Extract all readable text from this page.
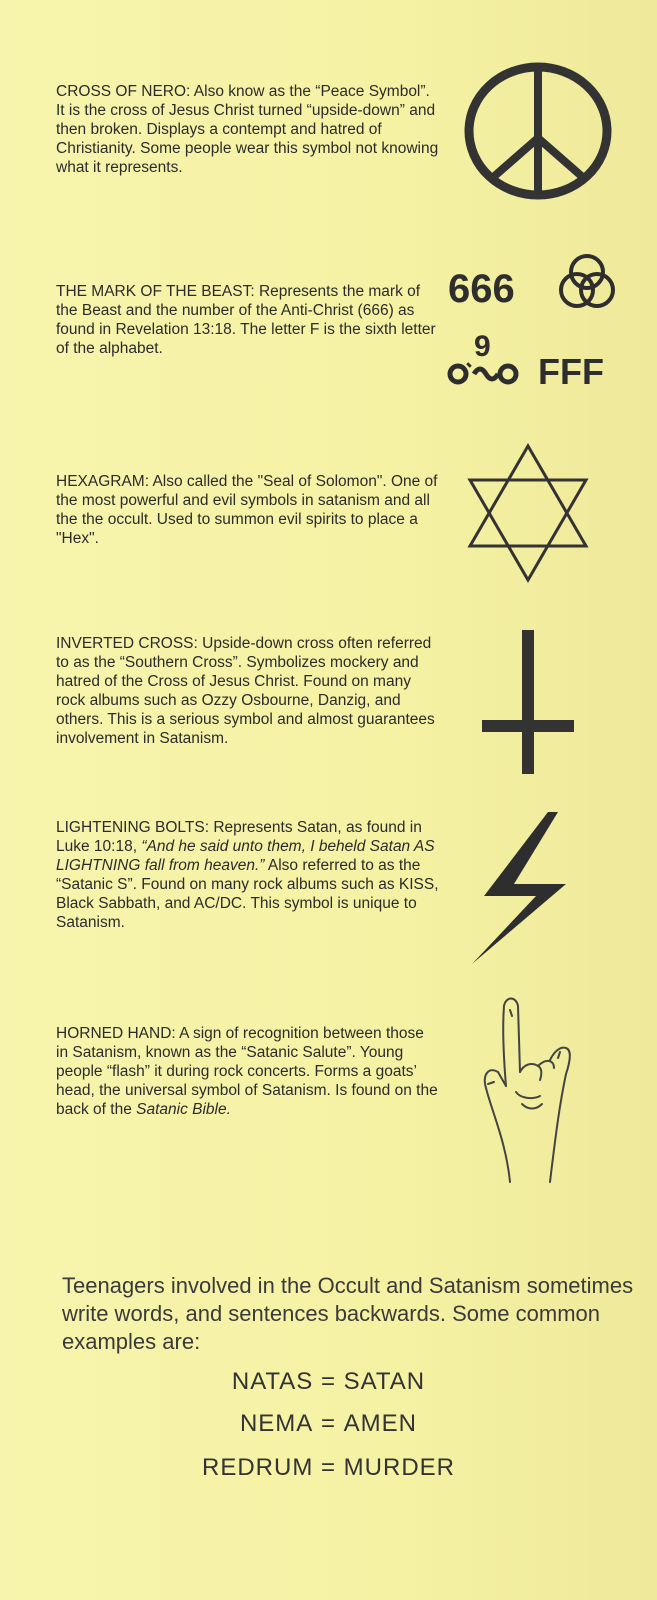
CROSS OF NERO: Also know as the “Peace Symbol”. It is the cross of Jesus Christ turned “upside-down” and then broken. Displays a contempt and hatred of Christianity. Some people wear this symbol not knowing what it represents.

THE MARK OF THE BEAST: Represents the mark of the Beast and the number of the Anti-Christ (666) as found in Revelation 13:18. The letter F is the sixth letter of the alphabet.

666
9
FFF

HEXAGRAM: Also called the "Seal of Solomon". One of the most powerful and evil symbols in satanism and all the the occult. Used to summon evil spirits to place a "Hex".

INVERTED CROSS: Upside-down cross often referred to as the “Southern Cross”. Symbolizes mockery and hatred of the Cross of Jesus Christ. Found on many rock albums such as Ozzy Osbourne, Danzig, and others. This is a serious symbol and almost guarantees involvement in Satanism.

LIGHTENING BOLTS: Represents Satan, as found in Luke 10:18, “And he said unto them, I beheld Satan AS LIGHTNING fall from heaven.” Also referred to as the “Satanic S”. Found on many rock albums such as KISS, Black Sabbath, and AC/DC. This symbol is unique to Satanism.

HORNED HAND: A sign of recognition between those in Satanism, known as the “Satanic Salute”. Young people “flash” it during rock concerts. Forms a goats’ head, the universal symbol of Satanism. Is found on the back of the Satanic Bible.

Teenagers involved in the Occult and Satanism sometimes write words, and sentences backwards. Some common examples are:
NATAS = SATAN
NEMA = AMEN
REDRUM = MURDER
